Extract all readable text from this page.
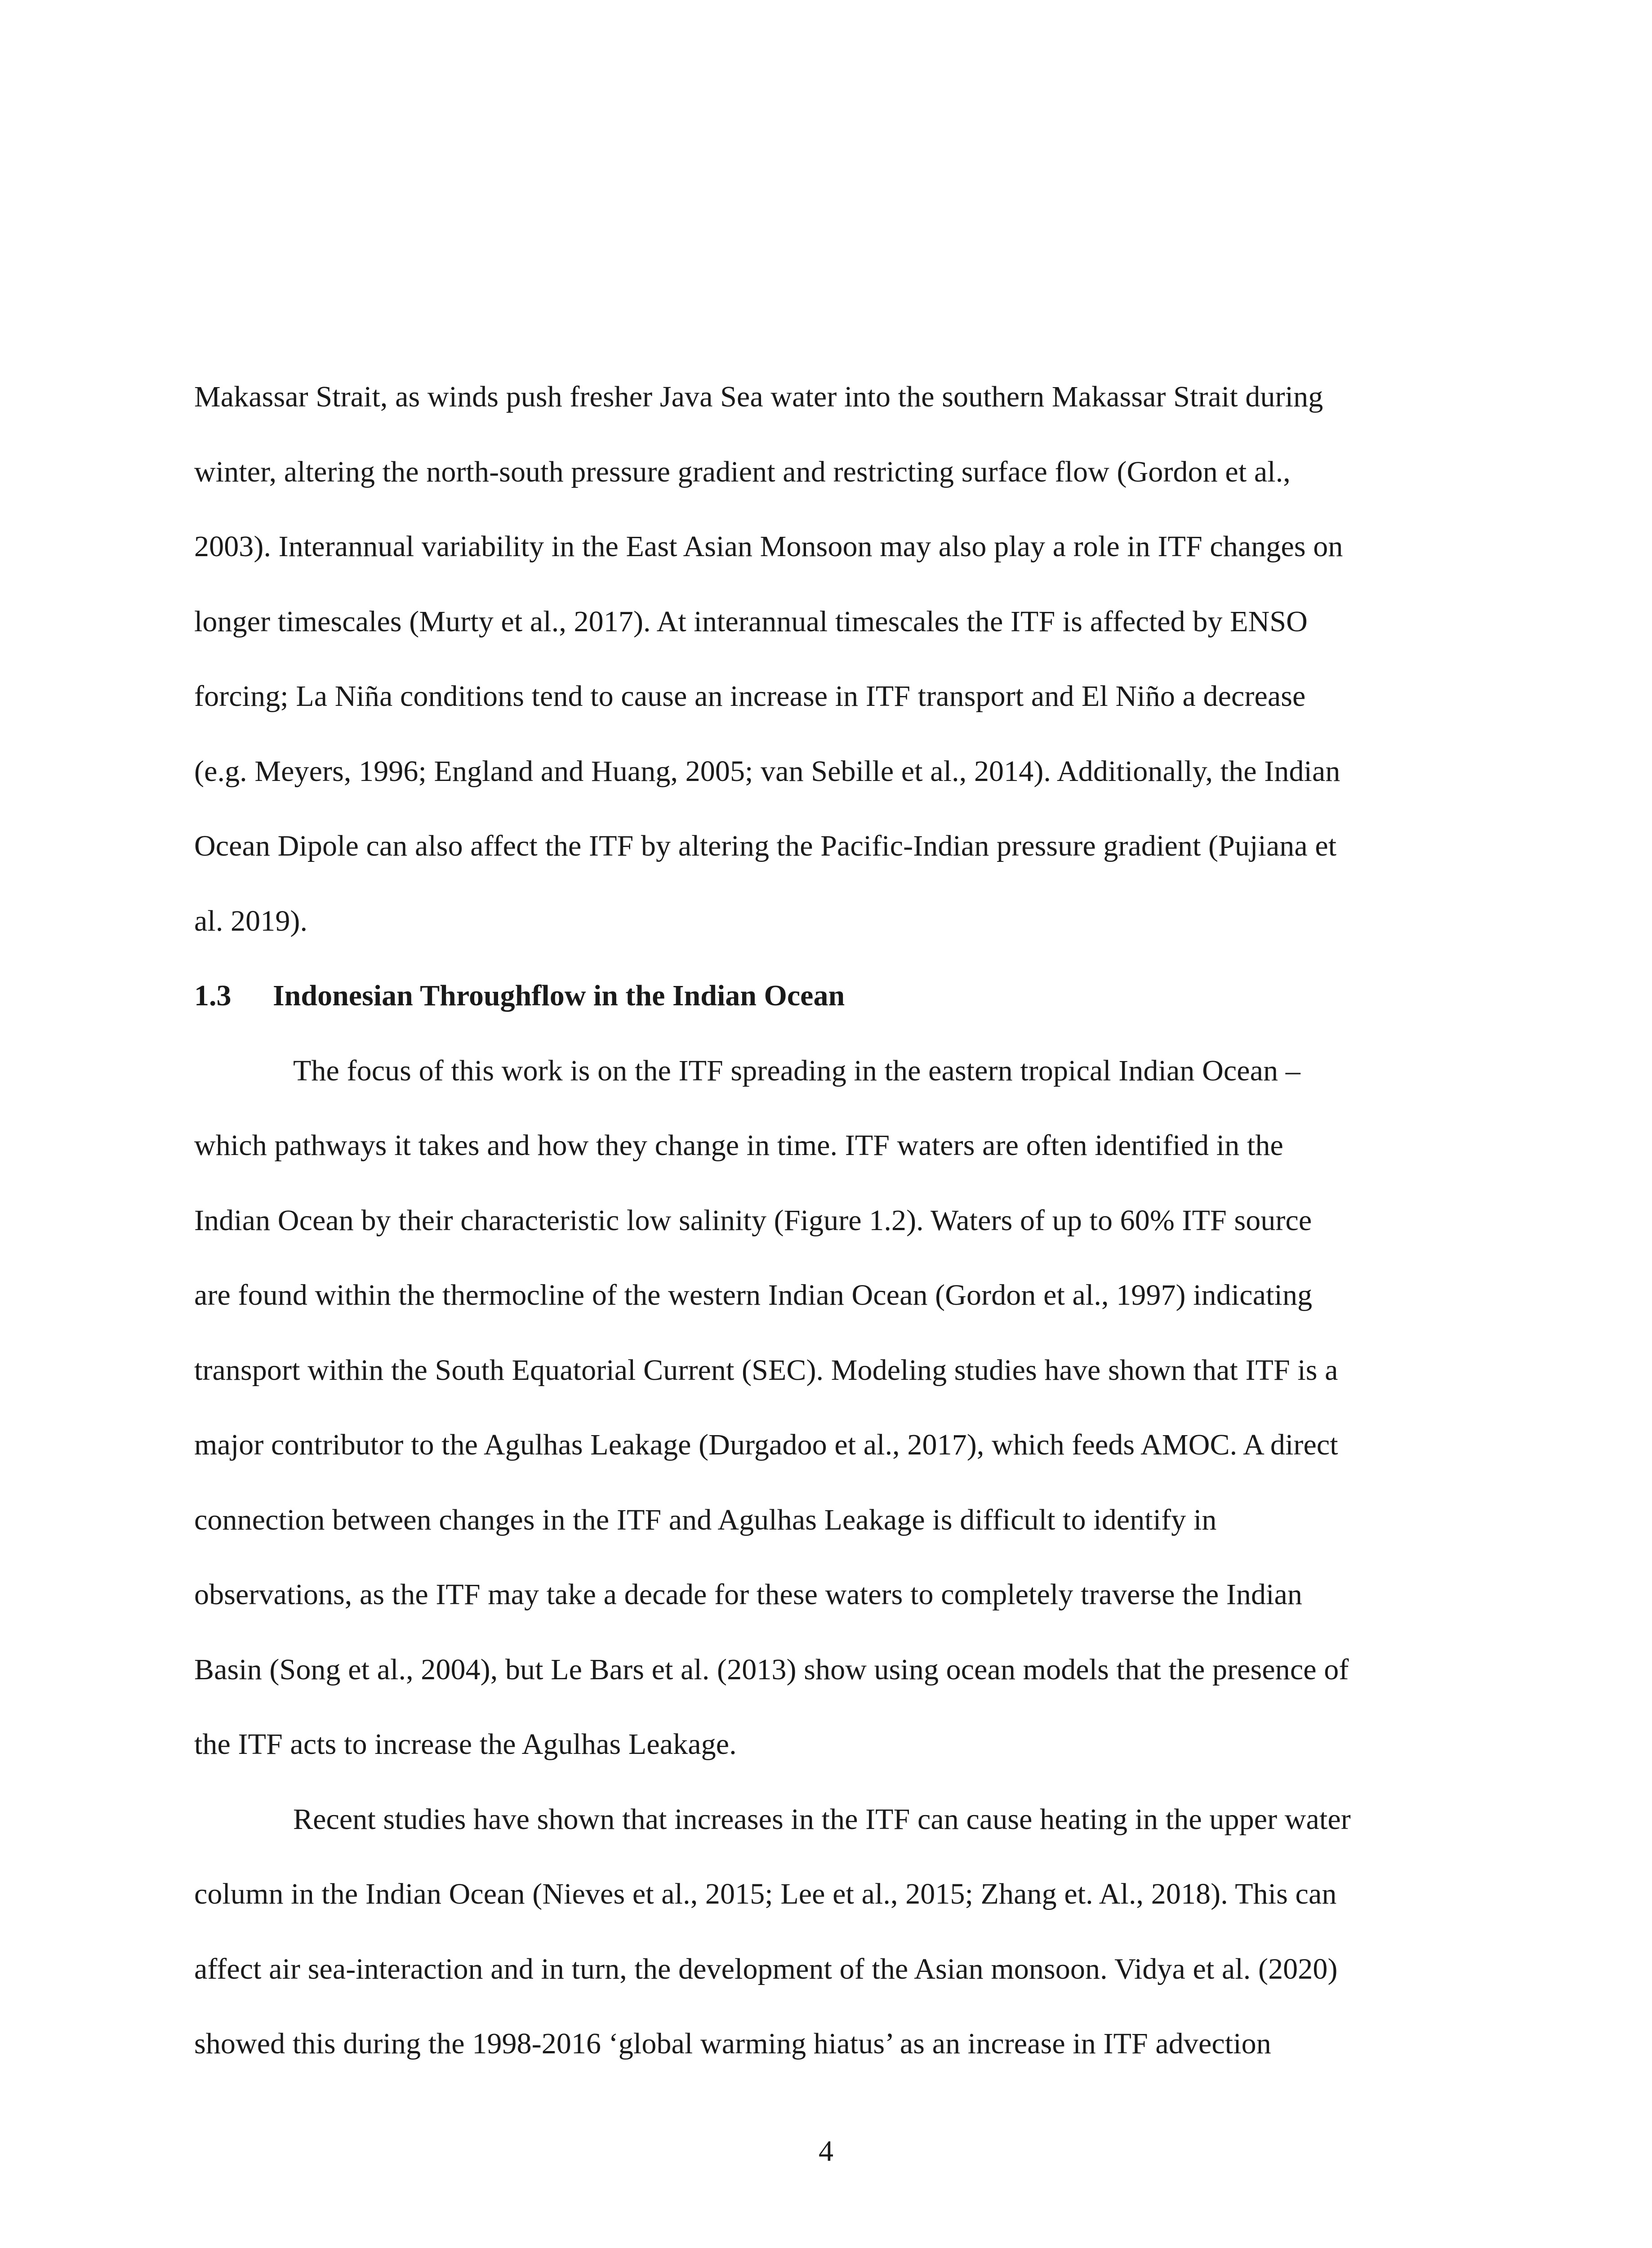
Makassar Strait, as winds push fresher Java Sea water into the southern Makassar Strait during
winter, altering the north-south pressure gradient and restricting surface flow (Gordon et al.,
2003). Interannual variability in the East Asian Monsoon may also play a role in ITF changes on
longer timescales (Murty et al., 2017). At interannual timescales the ITF is affected by ENSO
forcing; La Niña conditions tend to cause an increase in ITF transport and El Niño a decrease
(e.g. Meyers, 1996; England and Huang, 2005; van Sebille et al., 2014). Additionally, the Indian
Ocean Dipole can also affect the ITF by altering the Pacific-Indian pressure gradient (Pujiana et
al. 2019).
1.3 Indonesian Throughflow in the Indian Ocean
The focus of this work is on the ITF spreading in the eastern tropical Indian Ocean –
which pathways it takes and how they change in time. ITF waters are often identified in the
Indian Ocean by their characteristic low salinity (Figure 1.2). Waters of up to 60% ITF source
are found within the thermocline of the western Indian Ocean (Gordon et al., 1997) indicating
transport within the South Equatorial Current (SEC). Modeling studies have shown that ITF is a
major contributor to the Agulhas Leakage (Durgadoo et al., 2017), which feeds AMOC. A direct
connection between changes in the ITF and Agulhas Leakage is difficult to identify in
observations, as the ITF may take a decade for these waters to completely traverse the Indian
Basin (Song et al., 2004), but Le Bars et al. (2013) show using ocean models that the presence of
the ITF acts to increase the Agulhas Leakage.
Recent studies have shown that increases in the ITF can cause heating in the upper water
column in the Indian Ocean (Nieves et al., 2015; Lee et al., 2015; Zhang et. Al., 2018). This can
affect air sea-interaction and in turn, the development of the Asian monsoon. Vidya et al. (2020)
showed this during the 1998-2016 ‘global warming hiatus’ as an increase in ITF advection
4
